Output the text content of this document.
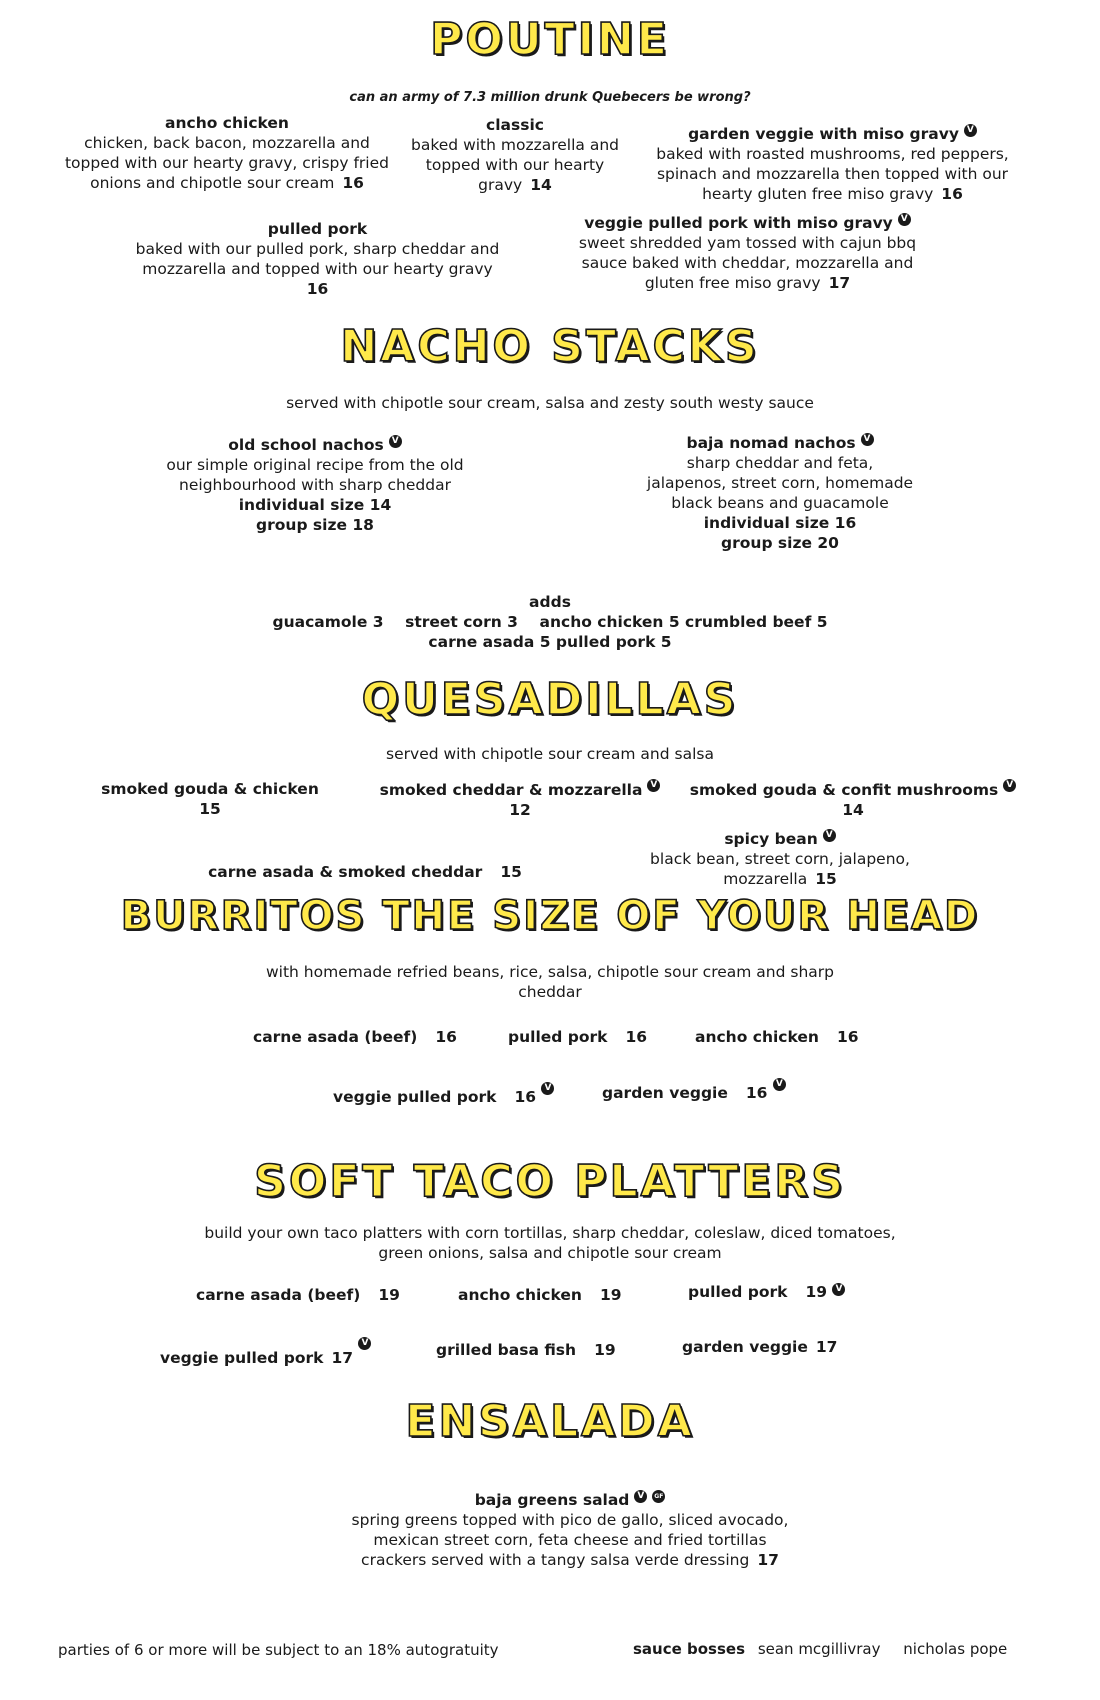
POUTINE
can an army of 7.3 million drunk Quebecers be wrong?
ancho chicken
chicken, back bacon, mozzarella and topped with our hearty gravy, crispy fried onions and chipotle sour cream 16
classic
baked with mozzarella and topped with our hearty gravy 14
garden veggie with miso gravy V
baked with roasted mushrooms, red peppers, spinach and mozzarella then topped with our hearty gluten free miso gravy 16
pulled pork
baked with our pulled pork, sharp cheddar and mozzarella and topped with our hearty gravy
16
veggie pulled pork with miso gravy V
sweet shredded yam tossed with cajun bbq sauce baked with cheddar, mozzarella and gluten free miso gravy 17
NACHO STACKS
served with chipotle sour cream, salsa and zesty south westy sauce
old school nachos V
our simple original recipe from the old neighbourhood with sharp cheddar
individual size 14
group size 18
baja nomad nachos V
sharp cheddar and feta, jalapenos, street corn, homemade black beans and guacamole
individual size 16
group size 20
adds
guacamole 3    street corn 3    ancho chicken 5 crumbled beef 5
carne asada 5 pulled pork 5
QUESADILLAS
served with chipotle sour cream and salsa
smoked gouda & chicken
15
smoked cheddar & mozzarella V
12
smoked gouda & confit mushrooms V
14
spicy bean V
black bean, street corn, jalapeno, mozzarella 15
carne asada & smoked cheddar 15
BURRITOS THE SIZE OF YOUR HEAD
with homemade refried beans, rice, salsa, chipotle sour cream and sharp cheddar
carne asada (beef) 16	pulled pork 16	ancho chicken 16
veggie pulled pork 16 V	garden veggie 16 V
SOFT TACO PLATTERS
build your own taco platters with corn tortillas, sharp cheddar, coleslaw, diced tomatoes, green onions, salsa and chipotle sour cream
carne asada (beef) 19	ancho chicken 19	pulled pork 19 V
veggie pulled pork 17 V	grilled basa fish 19	garden veggie 17
ENSALADA
baja greens salad V GF
spring greens topped with pico de gallo, sliced avocado, mexican street corn, feta cheese and fried tortillas crackers served with a tangy salsa verde dressing 17
parties of 6 or more will be subject to an 18% autogratuity	sauce bosses sean mcgillivray nicholas pope
